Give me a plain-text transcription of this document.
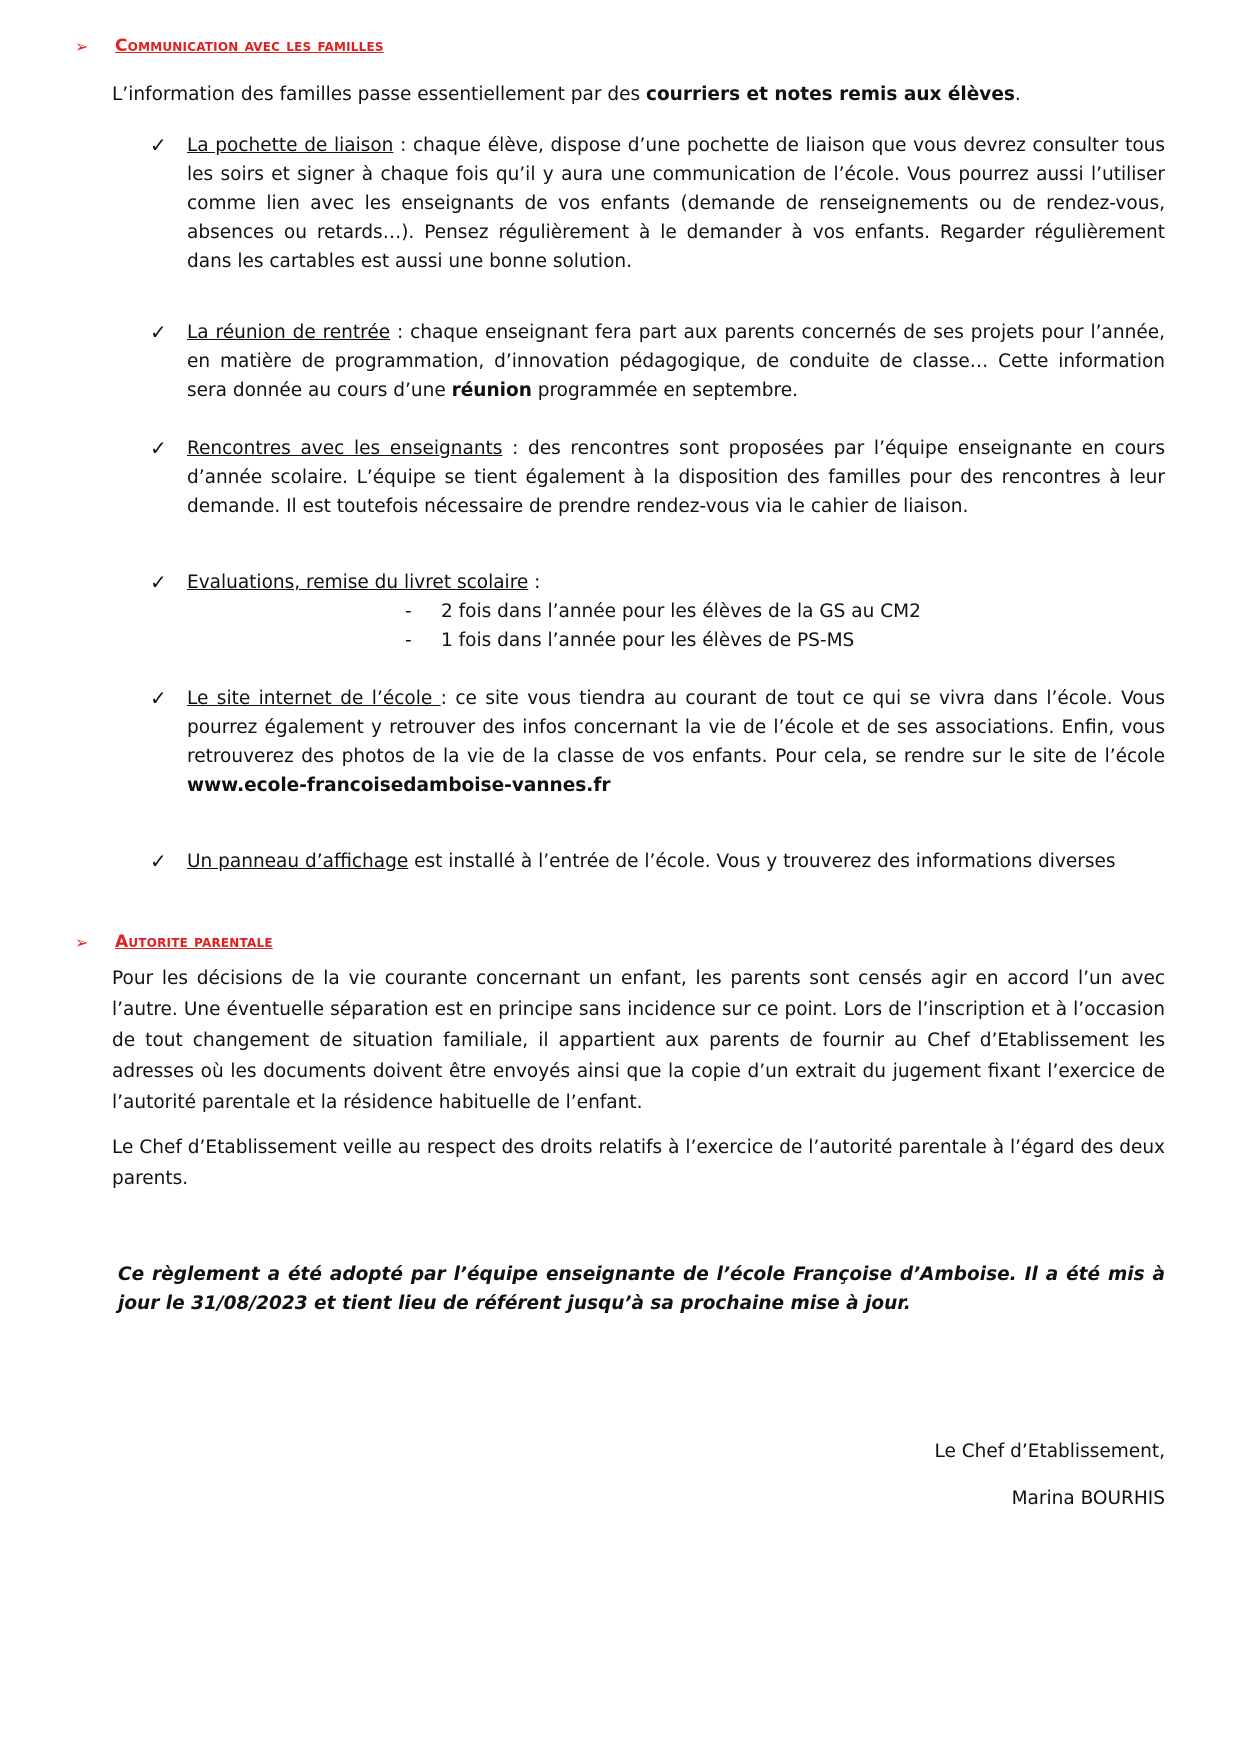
➢	Communication avec les familles
L’information des familles passe essentiellement par des courriers et notes remis aux élèves.
✓ La pochette de liaison : chaque élève, dispose d’une pochette de liaison que vous devrez consulter tous les soirs et signer à chaque fois qu’il y aura une communication de l’école. Vous pourrez aussi l’utiliser comme lien avec les enseignants de vos enfants (demande de renseignements ou de rendez-vous, absences ou retards…). Pensez régulièrement à le demander à vos enfants. Regarder régulièrement dans les cartables est aussi une bonne solution.
✓ La réunion de rentrée : chaque enseignant fera part aux parents concernés de ses projets pour l’année, en matière de programmation, d’innovation pédagogique, de conduite de classe… Cette information sera donnée au cours d’une réunion programmée en septembre.
✓ Rencontres avec les enseignants : des rencontres sont proposées par l’équipe enseignante en cours d’année scolaire. L’équipe se tient également à la disposition des familles pour des rencontres à leur demande. Il est toutefois nécessaire de prendre rendez-vous via le cahier de liaison.
✓ Evaluations, remise du livret scolaire :
- 2 fois dans l’année pour les élèves de la GS au CM2
- 1 fois dans l’année pour les élèves de PS-MS
✓ Le site internet de l’école : ce site vous tiendra au courant de tout ce qui se vivra dans l’école. Vous pourrez également y retrouver des infos concernant la vie de l’école et de ses associations. Enfin, vous retrouverez des photos de la vie de la classe de vos enfants. Pour cela, se rendre sur le site de l’école www.ecole-francoisedamboise-vannes.fr
✓ Un panneau d’affichage est installé à l’entrée de l’école. Vous y trouverez des informations diverses
➢	Autorite parentale
Pour les décisions de la vie courante concernant un enfant, les parents sont censés agir en accord l’un avec l’autre. Une éventuelle séparation est en principe sans incidence sur ce point. Lors de l’inscription et à l’occasion de tout changement de situation familiale, il appartient aux parents de fournir au Chef d’Etablissement les adresses où les documents doivent être envoyés ainsi que la copie d’un extrait du jugement fixant l’exercice de l’autorité parentale et la résidence habituelle de l’enfant.
Le Chef d’Etablissement veille au respect des droits relatifs à l’exercice de l’autorité parentale à l’égard des deux parents.
Ce règlement a été adopté par l’équipe enseignante de l’école Françoise d’Amboise. Il a été mis à jour le 31/08/2023 et tient lieu de référent jusqu’à sa prochaine mise à jour.
Le Chef d’Etablissement,
Marina BOURHIS
